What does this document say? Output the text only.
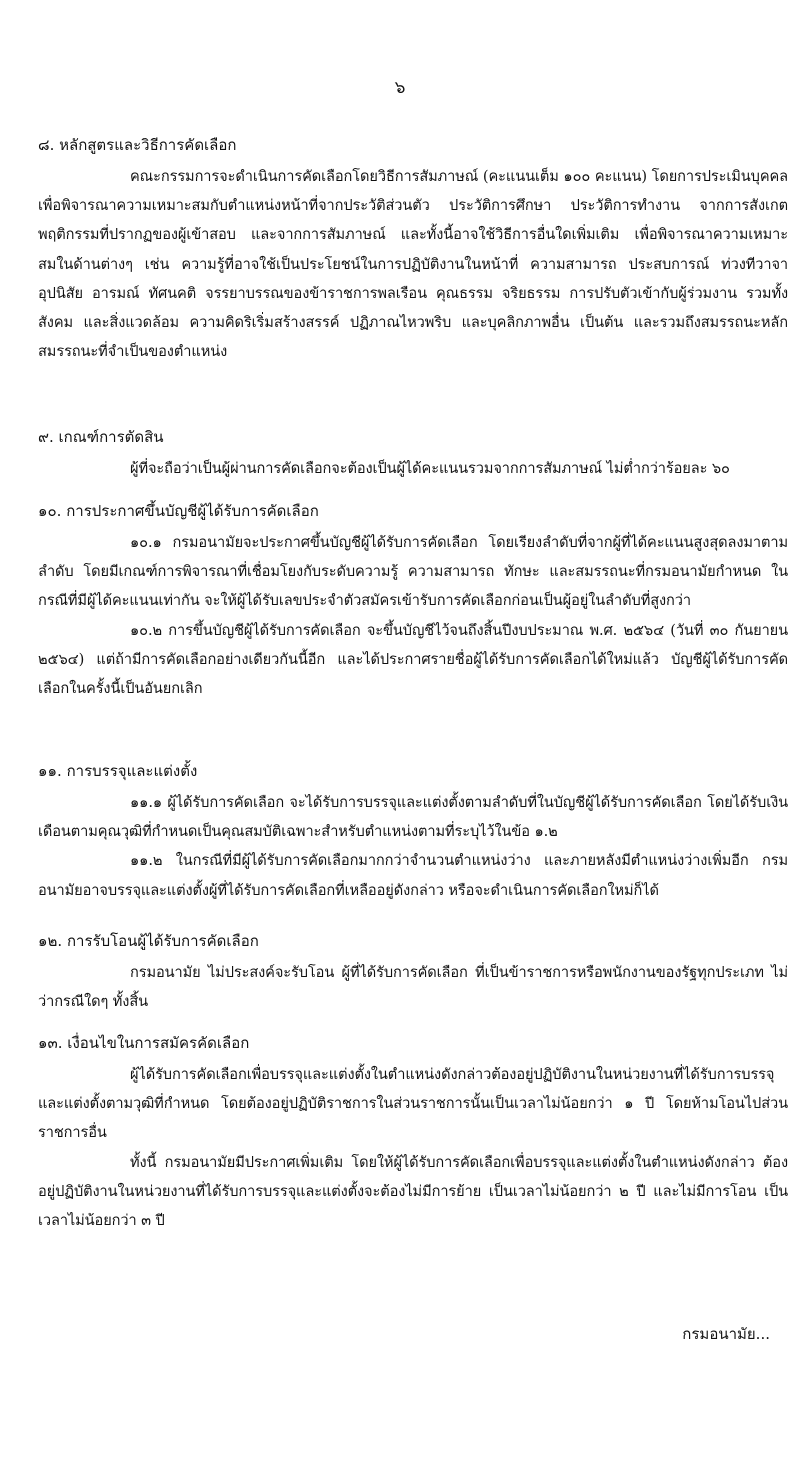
๖

๘. หลักสูตรและวิธีการคัดเลือก

คณะกรรมการจะดำเนินการคัดเลือกโดยวิธีการสัมภาษณ์ (คะแนนเต็ม ๑๐๐ คะแนน) โดยการประเมินบุคคลเพื่อพิจารณาความเหมาะสมกับตำแหน่งหน้าที่จากประวัติส่วนตัว ประวัติการศึกษา ประวัติการทำงาน จากการสังเกตพฤติกรรมที่ปรากฏของผู้เข้าสอบ และจากการสัมภาษณ์ และทั้งนี้อาจใช้วิธีการอื่นใดเพิ่มเติม เพื่อพิจารณาความเหมาะสมในด้านต่างๆ เช่น ความรู้ที่อาจใช้เป็นประโยชน์ในการปฏิบัติงานในหน้าที่ ความสามารถ ประสบการณ์ ท่วงทีวาจา อุปนิสัย อารมณ์ ทัศนคติ จรรยาบรรณของข้าราชการพลเรือน คุณธรรม จริยธรรม การปรับตัวเข้ากับผู้ร่วมงาน รวมทั้งสังคม และสิ่งแวดล้อม ความคิดริเริ่มสร้างสรรค์ ปฏิภาณไหวพริบ และบุคลิกภาพอื่น เป็นต้น และรวมถึงสมรรถนะหลัก สมรรถนะที่จำเป็นของตำแหน่ง

๙. เกณฑ์การตัดสิน

ผู้ที่จะถือว่าเป็นผู้ผ่านการคัดเลือกจะต้องเป็นผู้ได้คะแนนรวมจากการสัมภาษณ์ ไม่ต่ำกว่าร้อยละ ๖๐

๑๐. การประกาศขึ้นบัญชีผู้ได้รับการคัดเลือก

๑๐.๑ กรมอนามัยจะประกาศขึ้นบัญชีผู้ได้รับการคัดเลือก โดยเรียงลำดับที่จากผู้ที่ได้คะแนนสูงสุดลงมาตามลำดับ โดยมีเกณฑ์การพิจารณาที่เชื่อมโยงกับระดับความรู้ ความสามารถ ทักษะ และสมรรถนะที่กรมอนามัยกำหนด ในกรณีที่มีผู้ได้คะแนนเท่ากัน จะให้ผู้ได้รับเลขประจำตัวสมัครเข้ารับการคัดเลือกก่อนเป็นผู้อยู่ในลำดับที่สูงกว่า

๑๐.๒ การขึ้นบัญชีผู้ได้รับการคัดเลือก จะขึ้นบัญชีไว้จนถึงสิ้นปีงบประมาณ พ.ศ. ๒๕๖๔ (วันที่ ๓๐ กันยายน ๒๕๖๔) แต่ถ้ามีการคัดเลือกอย่างเดียวกันนี้อีก และได้ประกาศรายชื่อผู้ได้รับการคัดเลือกได้ใหม่แล้ว บัญชีผู้ได้รับการคัดเลือกในครั้งนี้เป็นอันยกเลิก

๑๑. การบรรจุและแต่งตั้ง

๑๑.๑ ผู้ได้รับการคัดเลือก จะได้รับการบรรจุและแต่งตั้งตามลำดับที่ในบัญชีผู้ได้รับการคัดเลือก โดยได้รับเงินเดือนตามคุณวุฒิที่กำหนดเป็นคุณสมบัติเฉพาะสำหรับตำแหน่งตามที่ระบุไว้ในข้อ ๑.๒

๑๑.๒ ในกรณีที่มีผู้ได้รับการคัดเลือกมากกว่าจำนวนตำแหน่งว่าง และภายหลังมีตำแหน่งว่างเพิ่มอีก กรมอนามัยอาจบรรจุและแต่งตั้งผู้ที่ได้รับการคัดเลือกที่เหลืออยู่ดังกล่าว หรือจะดำเนินการคัดเลือกใหม่ก็ได้

๑๒. การรับโอนผู้ได้รับการคัดเลือก

กรมอนามัย ไม่ประสงค์จะรับโอน ผู้ที่ได้รับการคัดเลือก ที่เป็นข้าราชการหรือพนักงานของรัฐทุกประเภท ไม่ว่ากรณีใดๆ ทั้งสิ้น

๑๓. เงื่อนไขในการสมัครคัดเลือก

ผู้ได้รับการคัดเลือกเพื่อบรรจุและแต่งตั้งในตำแหน่งดังกล่าวต้องอยู่ปฏิบัติงานในหน่วยงานที่ได้รับการบรรจุและแต่งตั้งตามวุฒิที่กำหนด โดยต้องอยู่ปฏิบัติราชการในส่วนราชการนั้นเป็นเวลาไม่น้อยกว่า ๑ ปี โดยห้ามโอนไปส่วนราชการอื่น

ทั้งนี้ กรมอนามัยมีประกาศเพิ่มเติม โดยให้ผู้ได้รับการคัดเลือกเพื่อบรรจุและแต่งตั้งในตำแหน่งดังกล่าว ต้องอยู่ปฏิบัติงานในหน่วยงานที่ได้รับการบรรจุและแต่งตั้งจะต้องไม่มีการย้าย เป็นเวลาไม่น้อยกว่า ๒ ปี และไม่มีการโอน เป็นเวลาไม่น้อยกว่า ๓ ปี

กรมอนามัย...
